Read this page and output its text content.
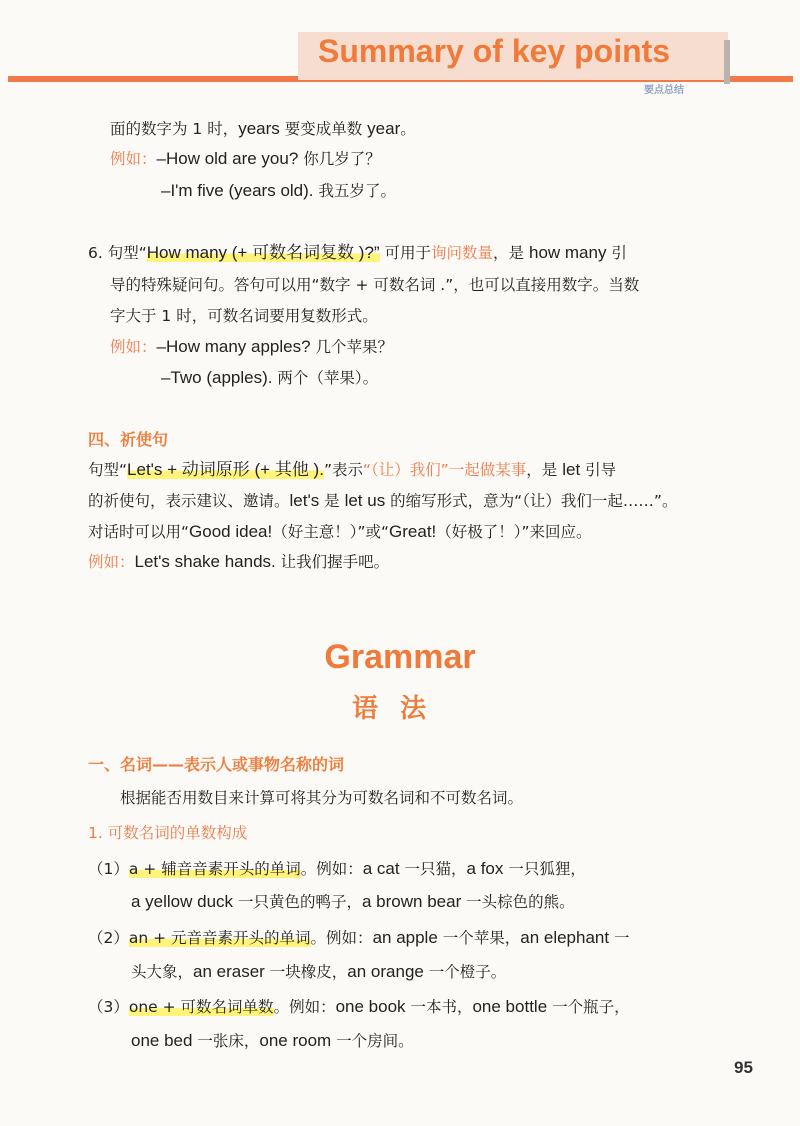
Summary of key points
要点总结
面的数字为 1 时，years 要变成单数 year。
例如：–How old are you? 你几岁了？
–I'm five (years old). 我五岁了。
6. 句型“How many (+ 可数名词复数 )?” 可用于询问数量，是 how many 引
导的特殊疑问句。答句可以用“数字 + 可数名词 .”，也可以直接用数字。当数
字大于 1 时，可数名词要用复数形式。
例如：–How many apples? 几个苹果？
–Two (apples). 两个（苹果）。
四、祈使句
句型“Let's + 动词原形 (+ 其他 ).”表示“（让）我们”一起做某事，是 let 引导
的祈使句，表示建议、邀请。let's 是 let us 的缩写形式，意为“（让）我们一起……”。
对话时可以用“Good idea!（好主意！）”或“Great!（好极了！）”来回应。
例如：Let's shake hands. 让我们握手吧。
Grammar
语法
一、名词——表示人或事物名称的词
根据能否用数目来计算可将其分为可数名词和不可数名词。
1. 可数名词的单数构成
（1）a + 辅音音素开头的单词。例如：a cat 一只猫，a fox 一只狐狸，
a yellow duck 一只黄色的鸭子，a brown bear 一头棕色的熊。
（2）an + 元音音素开头的单词。例如：an apple 一个苹果，an elephant 一
头大象，an eraser 一块橡皮，an orange 一个橙子。
（3）one + 可数名词单数。例如：one book 一本书，one bottle 一个瓶子，
one bed 一张床，one room 一个房间。
95
